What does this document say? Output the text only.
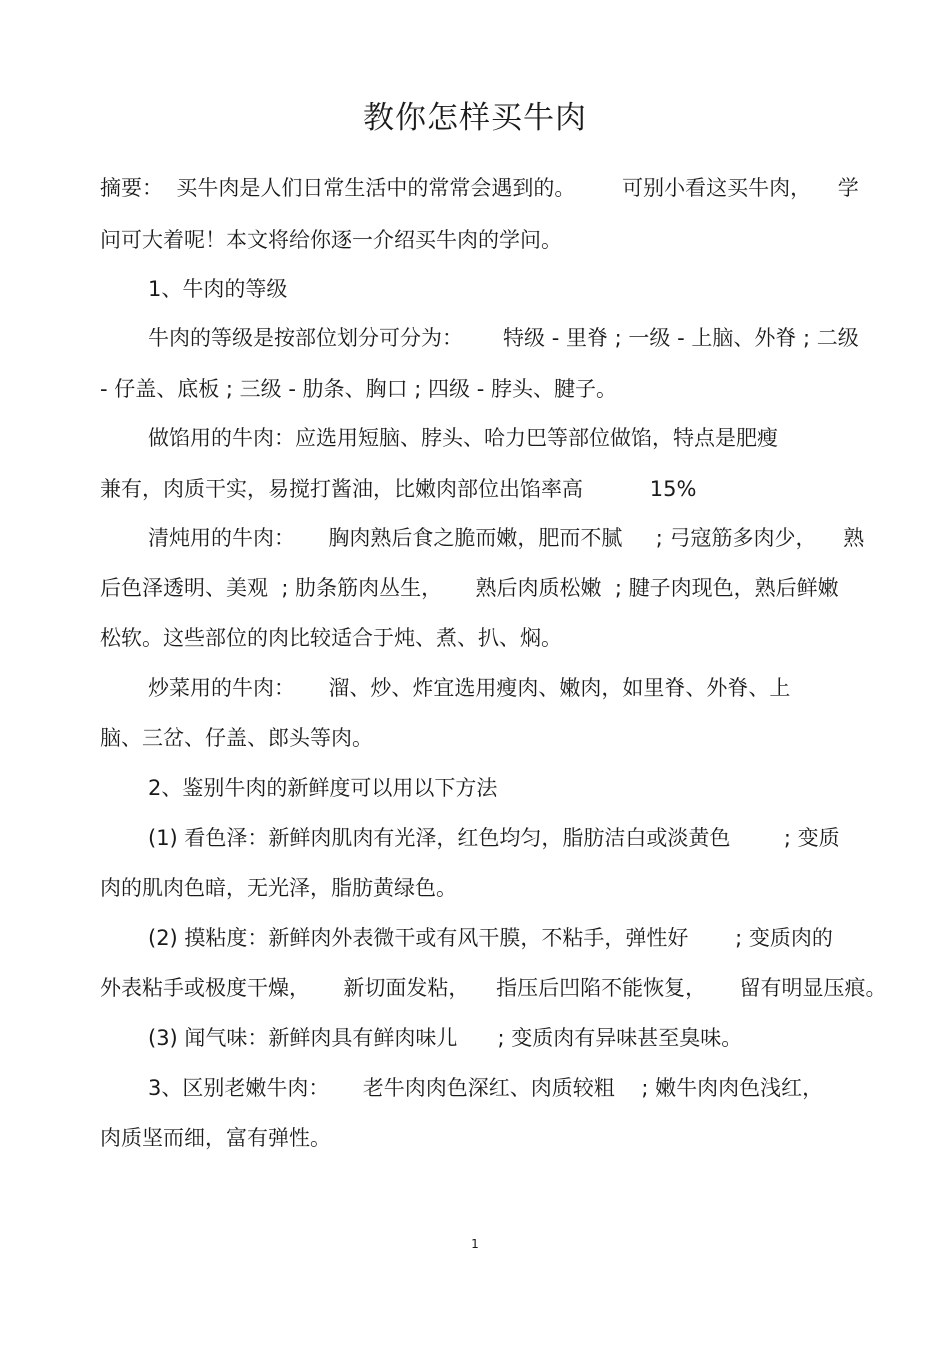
教你怎样买牛肉
摘要：  买牛肉是人们日常生活中的常常会遇到的。       可别小看这买牛肉，    学
问可大着呢！本文将给你逐一介绍买牛肉的学问。
1、牛肉的等级
牛肉的等级是按部位划分可分为：      特级 - 里脊 ; 一级 - 上脑、外脊 ; 二级
- 仔盖、底板 ; 三级 - 肋条、胸口 ; 四级 - 脖头、腱子。
做馅用的牛肉：应选用短脑、脖头、哈力巴等部位做馅，特点是肥瘦
兼有，肉质干实，易搅打酱油，比嫩肉部位出馅率高          15%
清炖用的牛肉：     胸肉熟后食之脆而嫩，肥而不腻     ; 弓寇筋多肉少，    熟
后色泽透明、美观  ; 肋条筋肉丛生，     熟后肉质松嫩  ; 腱子肉现色，熟后鲜嫩
松软。这些部位的肉比较适合于炖、煮、扒、焖。
炒菜用的牛肉：     溜、炒、炸宜选用瘦肉、嫩肉，如里脊、外脊、上
脑、三岔、仔盖、郎头等肉。
2、鉴别牛肉的新鲜度可以用以下方法
(1) 看色泽：新鲜肉肌肉有光泽，红色均匀，脂肪洁白或淡黄色        ; 变质
肉的肌肉色暗，无光泽，脂肪黄绿色。
(2) 摸粘度：新鲜肉外表微干或有风干膜，不粘手，弹性好       ; 变质肉的
外表粘手或极度干燥，     新切面发粘，    指压后凹陷不能恢复，     留有明显压痕。
(3) 闻气味：新鲜肉具有鲜肉味儿      ; 变质肉有异味甚至臭味。
3、区别老嫩牛肉：     老牛肉肉色深红、肉质较粗    ; 嫩牛肉肉色浅红，
肉质坚而细，富有弹性。
1
